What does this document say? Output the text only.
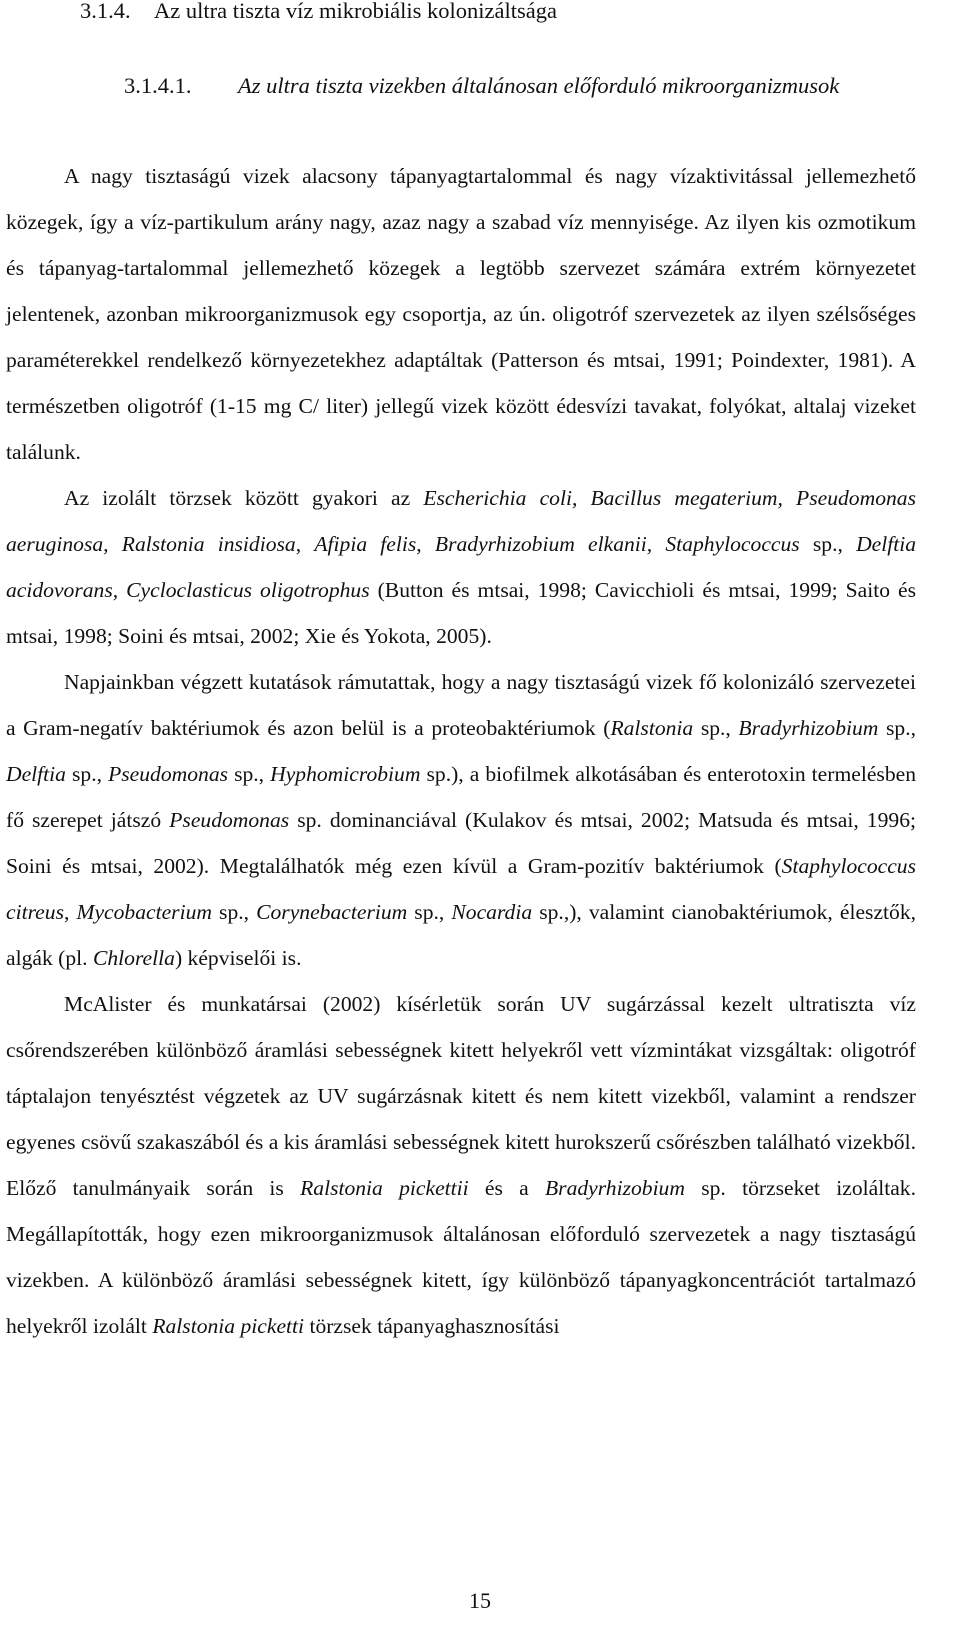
3.1.4. Az ultra tiszta víz mikrobiális kolonizáltsága
3.1.4.1. Az ultra tiszta vizekben általánosan előforduló mikroorganizmusok

A nagy tisztaságú vizek alacsony tápanyagtartalommal és nagy vízaktivitással jellemezhető közegek, így a víz-partikulum arány nagy, azaz nagy a szabad víz mennyisége. Az ilyen kis ozmotikum és tápanyag-tartalommal jellemezhető közegek a legtöbb szervezet számára extrém környezetet jelentenek, azonban mikroorganizmusok egy csoportja, az ún. oligotróf szervezetek az ilyen szélsőséges paraméterekkel rendelkező környezetekhez adaptáltak (Patterson és mtsai, 1991; Poindexter, 1981). A természetben oligotróf (1-15 mg C/ liter) jellegű vizek között édesvízi tavakat, folyókat, altalaj vizeket találunk.

Az izolált törzsek között gyakori az Escherichia coli, Bacillus megaterium, Pseudomonas aeruginosa, Ralstonia insidiosa, Afipia felis, Bradyrhizobium elkanii, Staphylococcus sp., Delftia acidovorans, Cycloclasticus oligotrophus (Button és mtsai, 1998; Cavicchioli és mtsai, 1999; Saito és mtsai, 1998; Soini és mtsai, 2002; Xie és Yokota, 2005).

Napjainkban végzett kutatások rámutattak, hogy a nagy tisztaságú vizek fő kolonizáló szervezetei a Gram-negatív baktériumok és azon belül is a proteobaktériumok (Ralstonia sp., Bradyrhizobium sp., Delftia sp., Pseudomonas sp., Hyphomicrobium sp.), a biofilmek alkotásában és enterotoxin termelésben fő szerepet játszó Pseudomonas sp. dominanciával (Kulakov és mtsai, 2002; Matsuda és mtsai, 1996; Soini és mtsai, 2002). Megtalálhatók még ezen kívül a Gram-pozitív baktériumok (Staphylococcus citreus, Mycobacterium sp., Corynebacterium sp., Nocardia sp.,), valamint cianobaktériumok, élesztők, algák (pl. Chlorella) képviselői is.

McAlister és munkatársai (2002) kísérletük során UV sugárzással kezelt ultratiszta víz csőrendszerében különböző áramlási sebességnek kitett helyekről vett vízmintákat vizsgáltak: oligotróf táptalajon tenyésztést végzetek az UV sugárzásnak kitett és nem kitett vizekből, valamint a rendszer egyenes csövű szakaszából és a kis áramlási sebességnek kitett hurokszerű csőrészben található vizekből. Előző tanulmányaik során is Ralstonia pickettii és a Bradyrhizobium sp. törzseket izoláltak. Megállapították, hogy ezen mikroorganizmusok általánosan előforduló szervezetek a nagy tisztaságú vizekben. A különböző áramlási sebességnek kitett, így különböző tápanyagkoncentrációt tartalmazó helyekről izolált Ralstonia picketti törzsek tápanyaghasznosítási

15
